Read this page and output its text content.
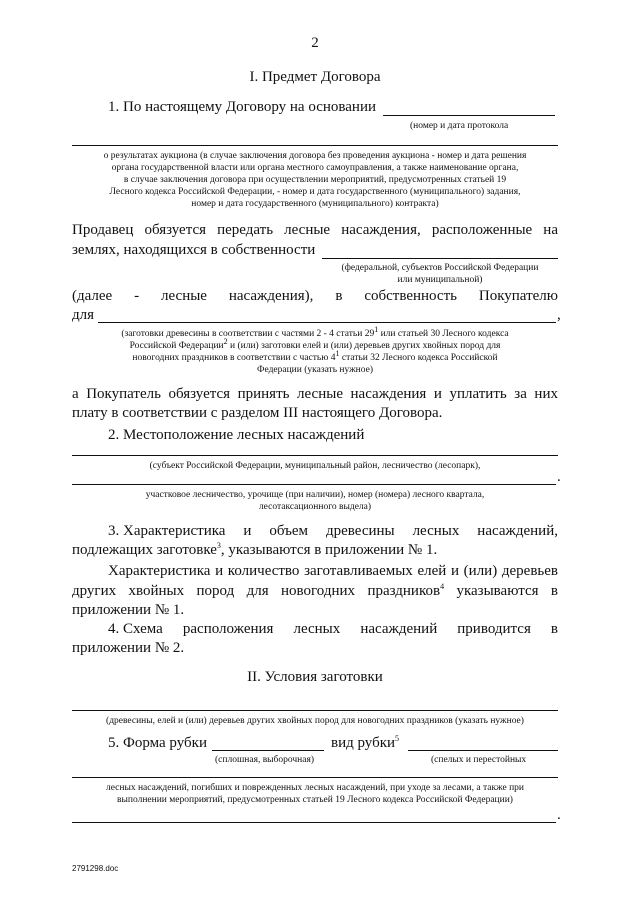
2
I. Предмет Договора
1. По настоящему Договору на основании
(номер и дата протокола
о результатах аукциона (в случае заключения договора без проведения аукциона - номер и дата решения
органа государственной власти или органа местного самоуправления, а также наименование органа,
в случае заключения договора при осуществлении мероприятий, предусмотренных статьей 19
Лесного кодекса Российской Федерации, - номер и дата государственного (муниципального) задания,
номер и дата государственного (муниципального) контракта)
Продавец обязуется передать лесные насаждения, расположенные на
землях, находящихся в собственности
(федеральной, субъектов Российской Федерации
или муниципальной)
(далее - лесные насаждения), в собственность Покупателю
для	,
(заготовки древесины в соответствии с частями 2 - 4 статьи $29^1$ или статьей 30 Лесного кодекса
Российской Федерации$^2$ и (или) заготовки елей и (или) деревьев других хвойных пород для
новогодних праздников в соответствии с частью $4^1$ статьи 32 Лесного кодекса Российской
Федерации (указать нужное)
а Покупатель обязуется принять лесные насаждения и уплатить за них
плату в соответствии с разделом III настоящего Договора.
2. Местоположение лесных насаждений
(субъект Российской Федерации, муниципальный район, лесничество (лесопарк),
.
участковое лесничество, урочище (при наличии), номер (номера) лесного квартала,
лесотаксационного выдела)
3. Характеристика и объем древесины лесных насаждений,
подлежащих заготовке$^3$, указываются в приложении № 1.
Характеристика и количество заготавливаемых елей и (или) деревьев
других хвойных пород для новогодних праздников$^4$ указываются в
приложении № 1.
4. Схема расположения лесных насаждений приводится в
приложении № 2.
II. Условия заготовки
(древесины, елей и (или) деревьев других хвойных пород для новогодних праздников (указать нужное)
5. Форма рубки	вид рубки$^5$
(сплошная, выборочная)	(спелых и перестойных
лесных насаждений, погибших и поврежденных лесных насаждений, при уходе за лесами, а также при
выполнении мероприятий, предусмотренных статьей 19 Лесного кодекса Российской Федерации)
.
2791298.doc
